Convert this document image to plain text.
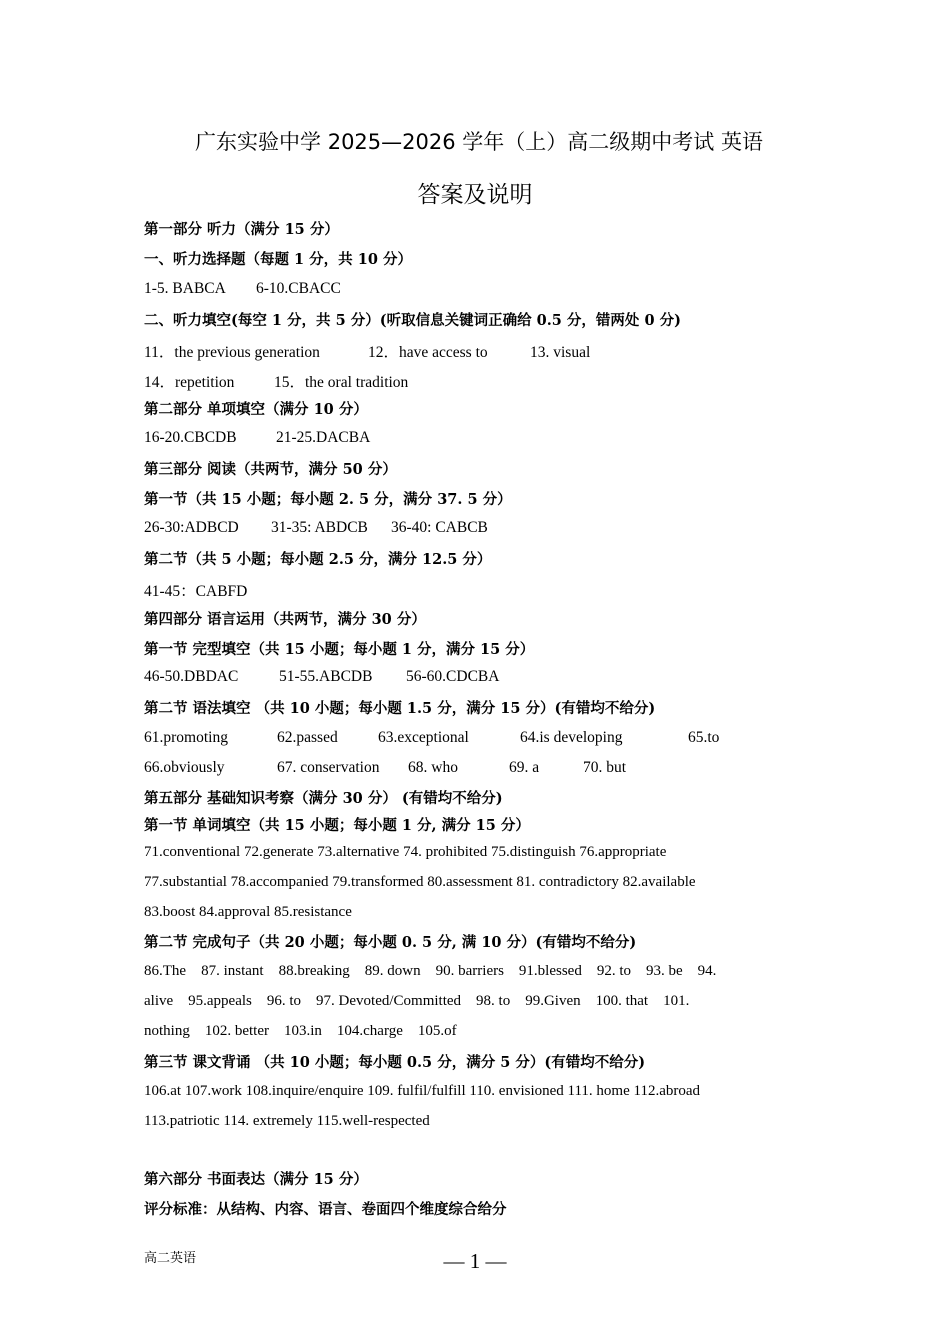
广东实验中学 2025—2026 学年（上）高二级期中考试 英语
答案及说明
第一部分 听力（满分 15 分）
一、听力选择题（每题 1 分，共 10 分）
1-5. BABCA 6-10.CBACC
二、听力填空(每空 1 分，共 5 分）(听取信息关键词正确给 0.5 分，错两处 0 分)
11．the previous generation	12．have access to	13. visual
14．repetition	15．the oral tradition
第二部分 单项填空（满分 10 分）
16-20.CBCDB	21-25.DACBA
第三部分 阅读（共两节，满分 50 分）
第一节（共 15 小题；每小题 2. 5 分，满分 37. 5 分）
26-30:ADBCD 31-35: ABDCB 36-40: CABCB
第二节（共 5 小题；每小题 2.5 分，满分 12.5 分）
41-45：CABFD
第四部分 语言运用（共两节，满分 30 分）
第一节 完型填空（共 15 小题；每小题 1 分，满分 15 分）
46-50.DBDAC	51-55.ABCDB 56-60.CDCBA
第二节 语法填空 （共 10 小题；每小题 1.5 分，满分 15 分）(有错均不给分)
61.promoting	62.passed	63.exceptional	64.is developing	65.to
66.obviously	67. conservation 68. who	69. a	70. but
第五部分 基础知识考察（满分 30 分） (有错均不给分)
第一节 单词填空（共 15 小题；每小题 1 分, 满分 15 分）
71.conventional 72.generate 73.alternative 74. prohibited 75.distinguish 76.appropriate
77.substantial 78.accompanied 79.transformed 80.assessment 81. contradictory 82.available
83.boost 84.approval 85.resistance
第二节 完成句子（共 20 小题；每小题 0. 5 分, 满 10 分）(有错均不给分)
86.The    87. instant    88.breaking    89. down    90. barriers    91.blessed    92. to    93. be    94.
alive    95.appeals    96. to    97. Devoted/Committed    98. to    99.Given    100. that    101.
nothing    102. better    103.in    104.charge    105.of
第三节 课文背诵 （共 10 小题；每小题 0.5 分，满分 5 分）(有错均不给分)
106.at 107.work 108.inquire/enquire 109. fulfil/fulfill 110. envisioned 111. home 112.abroad
113.patriotic 114. extremely 115.well-respected
第六部分 书面表达（满分 15 分）
评分标准：从结构、内容、语言、卷面四个维度综合给分
高二英语	— 1 —
